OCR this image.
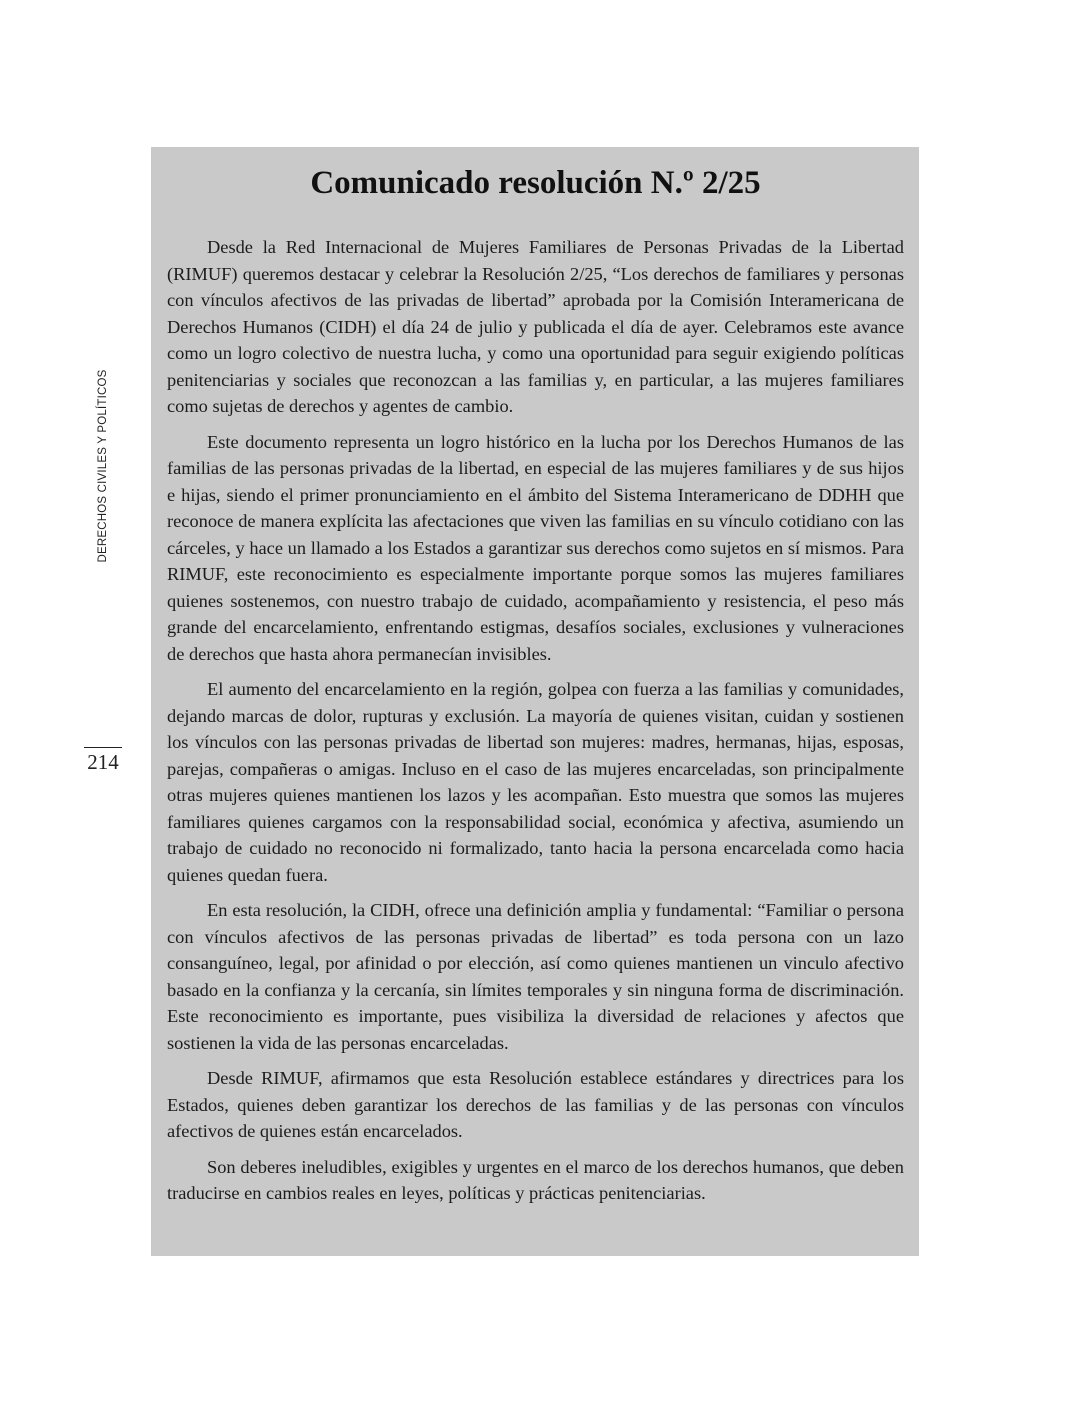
DERECHOS CIVILES Y POLÍTICOS
214
Comunicado resolución N.º 2/25

Desde la Red Internacional de Mujeres Familiares de Personas Privadas de la Libertad (RIMUF) queremos destacar y celebrar la Resolución 2/25, “Los derechos de familiares y personas con vínculos afectivos de las privadas de libertad” aprobada por la Comisión Interamericana de Derechos Humanos (CIDH) el día 24 de julio y publicada el día de ayer. Celebramos este avance como un logro colectivo de nuestra lucha, y como una oportunidad para seguir exigiendo políticas penitenciarias y sociales que reconozcan a las familias y, en particular, a las mujeres familiares como sujetas de derechos y agentes de cambio.

Este documento representa un logro histórico en la lucha por los Derechos Humanos de las familias de las personas privadas de la libertad, en especial de las mujeres familiares y de sus hijos e hijas, siendo el primer pronunciamiento en el ámbito del Sistema Interamericano de DDHH que reconoce de manera explícita las afectaciones que viven las familias en su vínculo cotidiano con las cárceles, y hace un llamado a los Estados a garantizar sus derechos como sujetos en sí mismos. Para RIMUF, este reconocimiento es especialmente importante porque somos las mujeres familiares quienes sostenemos, con nuestro trabajo de cuidado, acompañamiento y resistencia, el peso más grande del encarcelamiento, enfrentando estigmas, desafíos sociales, exclusiones y vulneraciones de derechos que hasta ahora permanecían invisibles.

El aumento del encarcelamiento en la región, golpea con fuerza a las familias y comunidades, dejando marcas de dolor, rupturas y exclusión. La mayoría de quienes visitan, cuidan y sostienen los vínculos con las personas privadas de libertad son mujeres: madres, hermanas, hijas, esposas, parejas, compañeras o amigas. Incluso en el caso de las mujeres encarceladas, son principalmente otras mujeres quienes mantienen los lazos y les acompañan. Esto muestra que somos las mujeres familiares quienes cargamos con la responsabilidad social, económica y afectiva, asumiendo un trabajo de cuidado no reconocido ni formalizado, tanto hacia la persona encarcelada como hacia quienes quedan fuera.

En esta resolución, la CIDH, ofrece una definición amplia y fundamental: “Familiar o persona con vínculos afectivos de las personas privadas de libertad” es toda persona con un lazo consanguíneo, legal, por afinidad o por elección, así como quienes mantienen un vinculo afectivo basado en la confianza y la cercanía, sin límites temporales y sin ninguna forma de discriminación. Este reconocimiento es importante, pues visibiliza la diversidad de relaciones y afectos que sostienen la vida de las personas encarceladas.

Desde RIMUF, afirmamos que esta Resolución establece estándares y directrices para los Estados, quienes deben garantizar los derechos de las familias y de las personas con vínculos afectivos de quienes están encarcelados.

Son deberes ineludibles, exigibles y urgentes en el marco de los derechos humanos, que deben traducirse en cambios reales en leyes, políticas y prácticas penitenciarias.
